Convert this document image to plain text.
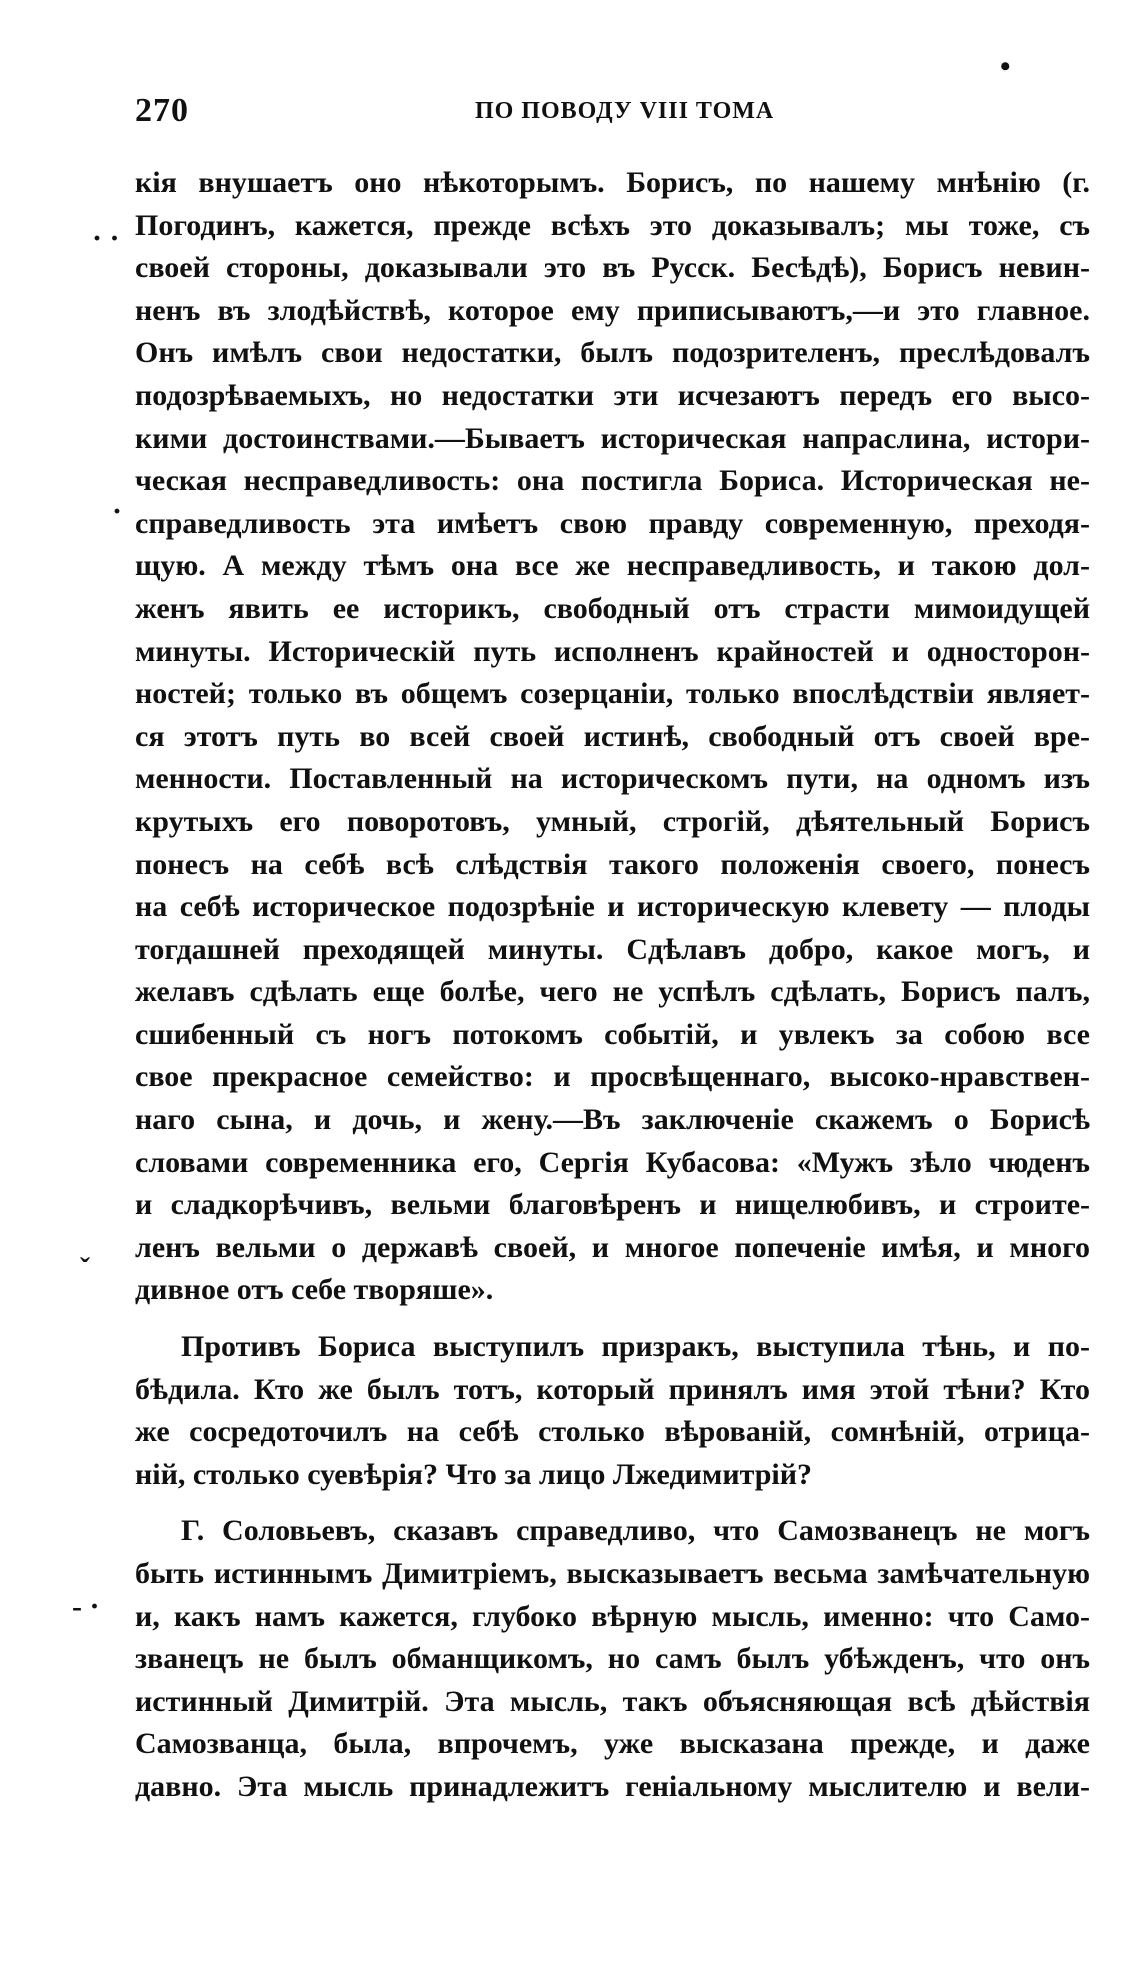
270	ПО ПОВОДУ VIII ТОМА
•
· ·
·
ˇ
- ·
кія внушаетъ оно нѣкоторымъ. Борисъ, по нашему мнѣнію (г.
Погодинъ, кажется, прежде всѣхъ это доказывалъ; мы тоже, съ
своей стороны, доказывали это въ Русск. Бесѣдѣ), Борисъ невин-
ненъ въ злодѣйствѣ, которое ему приписываютъ,—и это главное.
Онъ имѣлъ свои недостатки, былъ подозрителенъ, преслѣдовалъ
подозрѣваемыхъ, но недостатки эти исчезаютъ передъ его высо-
кими достоинствами.—Бываетъ историческая напраслина, истори-
ческая несправедливость: она постигла Бориса. Историческая не-
справедливость эта имѣетъ свою правду современную, преходя-
щую. А между тѣмъ она все же несправедливость, и такою дол-
женъ явить ее историкъ, свободный отъ страсти мимоидущей
минуты. Историческій путь исполненъ крайностей и односторон-
ностей; только въ общемъ созерцаніи, только впослѣдствіи являет-
ся этотъ путь во всей своей истинѣ, свободный отъ своей вре-
менности. Поставленный на историческомъ пути, на одномъ изъ
крутыхъ его поворотовъ, умный, строгій, дѣятельный Борисъ
понесъ на себѣ всѣ слѣдствія такого положенія своего, понесъ
на себѣ историческое подозрѣніе и историческую клевету — плоды
тогдашней преходящей минуты. Сдѣлавъ добро, какое могъ, и
желавъ сдѣлать еще болѣе, чего не успѣлъ сдѣлать, Борисъ палъ,
сшибенный съ ногъ потокомъ событій, и увлекъ за собою все
свое прекрасное семейство: и просвѣщеннаго, высоко-нравствен-
наго сына, и дочь, и жену.—Въ заключеніе скажемъ о Борисѣ
словами современника его, Сергія Кубасова: «Мужъ зѣло чюденъ
и сладкорѣчивъ, вельми благовѣренъ и нищелюбивъ, и строите-
ленъ вельми о державѣ своей, и многое попеченіе имѣя, и много
дивное отъ себе творяше».
Противъ Бориса выступилъ призракъ, выступила тѣнь, и по-
бѣдила. Кто же былъ тотъ, который принялъ имя этой тѣни? Кто
же сосредоточилъ на себѣ столько вѣрованій, сомнѣній, отрица-
ній, столько суевѣрія? Что за лицо Лжедимитрій?
Г. Соловьевъ, сказавъ справедливо, что Самозванецъ не могъ
быть истиннымъ Димитріемъ, высказываетъ весьма замѣчательную
и, какъ намъ кажется, глубоко вѣрную мысль, именно: что Само-
званецъ не былъ обманщикомъ, но самъ былъ убѣжденъ, что онъ
истинный Димитрій. Эта мысль, такъ объясняющая всѣ дѣйствія
Самозванца, была, впрочемъ, уже высказана прежде, и даже
давно. Эта мысль принадлежитъ геніальному мыслителю и вели-
